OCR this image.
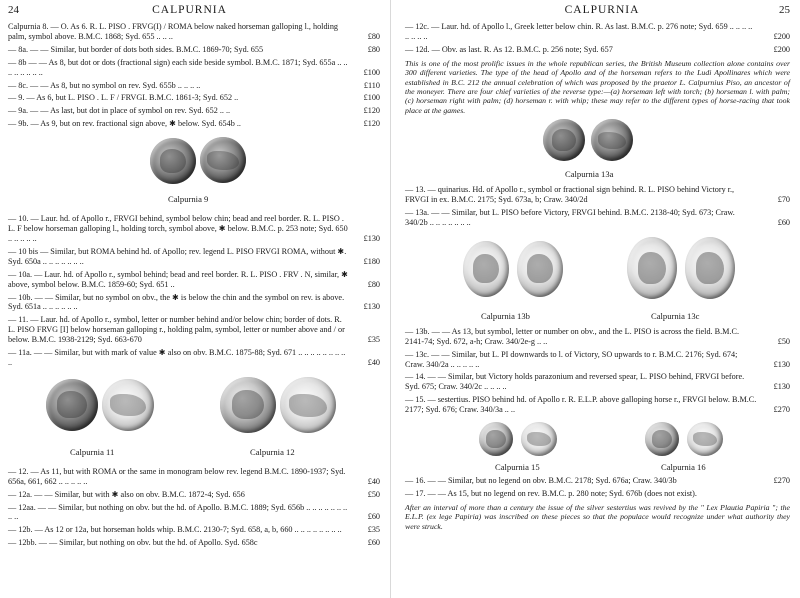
24	CALPURNIA

Calpurnia 8. — O. As 6. R. L. PISO . FRVG(I) / ROMA below naked horseman galloping l., holding palm, symbol above. B.M.C. 1868; Syd. 655 .. .. ..	£80

— 8a. — — Similar, but border of dots both sides. B.M.C. 1869-70; Syd. 655	£80

— 8b — — As 8, but dot or dots (fractional sign) each side beside symbol. B.M.C. 1871; Syd. 655a .. .. .. .. .. .. .. ..	£100

— 8c. — — As 8, but no symbol on rev. Syd. 655b .. .. .. ..	£110

— 9. — As 6, but L. PISO . L. F / FRVGI. B.M.C. 1861-3; Syd. 652 ..	£100

— 9a. — — As last, but dot in place of symbol on rev. Syd. 652 .. ..	£120

— 9b. — As 9, but on rev. fractional sign above, ✱ below. Syd. 654b ..	£120

Calpurnia 9

— 10. — Laur. hd. of Apollo r., FRVGI behind, symbol below chin; bead and reel border. R. L. PISO . L. F below horseman galloping l., holding torch, symbol above, ✱ below. B.M.C. p. 253 note; Syd. 650 .. .. .. .. ..	£130

— 10 bis — Similar, but ROMA behind hd. of Apollo; rev. legend L. PISO FRVGI ROMA, without ✱. Syd. 650a .. .. .. .. .. .. ..	£180

— 10a. — Laur. hd. of Apollo r., symbol behind; bead and reel border. R. L. PISO . FRV . N, similar, ✱ above, symbol below. B.M.C. 1859-60; Syd. 651 ..	£80

— 10b. — — Similar, but no symbol on obv., the ✱ is below the chin and the symbol on rev. is above. Syd. 651a .. .. .. .. .. ..	£130

— 11. — Laur. hd. of Apollo r., symbol, letter or number behind and/or below chin; border of dots. R. L. PISO FRVG [I] below horseman galloping r., holding palm, symbol, letter or number above and / or below. B.M.C. 1938-2129; Syd. 663-670	£35

— 11a. — — Similar, but with mark of value ✱ also on obv. B.M.C. 1875-88; Syd. 671 .. .. .. .. .. .. .. .. ..	£40

Calpurnia 11	Calpurnia 12

— 12. — As 11, but with ROMA or the same in monogram below rev. legend B.M.C. 1890-1937; Syd. 656a, 661, 662 .. .. .. .. ..	£40

— 12a. — — Similar, but with ✱ also on obv. B.M.C. 1872-4; Syd. 656	£50

— 12aa. — — Similar, but nothing on obv. but the hd. of Apollo. B.M.C. 1889; Syd. 656b .. .. .. .. .. .. .. .. ..	£60

— 12b. — As 12 or 12a, but horseman holds whip. B.M.C. 2130-7; Syd. 658, a, b, 660 .. .. .. .. .. .. .. ..	£35

— 12bb. — — Similar, but nothing on obv. but the hd. of Apollo. Syd. 658c	£60

CALPURNIA	25

— 12c. — Laur. hd. of Apollo l., Greek letter below chin. R. As last. B.M.C. p. 276 note; Syd. 659 .. .. .. .. .. .. .. ..	£200

— 12d. — Obv. as last. R. As 12. B.M.C. p. 256 note; Syd. 657	£200

This is one of the most prolific issues in the whole republican series, the British Museum collection alone contains over 300 different varieties. The type of the head of Apollo and of the horseman refers to the Ludi Apollinares which were established in B.C. 212 the annual celebration of which was proposed by the praetor L. Calpurnius Piso, an ancestor of the moneyer. There are four chief varieties of the reverse type:—(a) horseman left with torch; (b) horseman l. with palm; (c) horseman right with palm; (d) horseman r. with whip; these may refer to the different types of horse-racing that took place at the games.
Calpurnia 13a

— 13. — quinarius. Hd. of Apollo r., symbol or fractional sign behind. R. L. PISO behind Victory r., FRVGI in ex. B.M.C. 2175; Syd. 673a, b; Craw. 340/2d	£70

— 13a. — — Similar, but L. PISO before Victory, FRVGI behind. B.M.C. 2138-40; Syd. 673; Craw. 340/2b .. .. .. .. .. .. ..	£60

Calpurnia 13b	Calpurnia 13c

— 13b. — — As 13, but symbol, letter or number on obv., and the L. PISO is across the field. B.M.C. 2141-74; Syd. 672, a-h; Craw. 340/2e-g .. ..	£50

— 13c. — — Similar, but L. PI downwards to l. of Victory, SO upwards to r. B.M.C. 2176; Syd. 674; Craw. 340/2a .. .. .. .. ..	£130

— 14. — — Similar, but Victory holds parazonium and reversed spear, L. PISO behind, FRVGI before. Syd. 675; Craw. 340/2c .. .. .. ..	£130

— 15. — sestertius. PISO behind hd. of Apollo r. R. E.L.P. above galloping horse r., FRVGI below. B.M.C. 2177; Syd. 676; Craw. 340/3a .. ..	£270

Calpurnia 15	Calpurnia 16

— 16. — — Similar, but no legend on obv. B.M.C. 2178; Syd. 676a; Craw. 340/3b	£270

— 17. — — As 15, but no legend on rev. B.M.C. p. 280 note; Syd. 676b (does not exist).

After an interval of more than a century the issue of the silver sestertius was revived by the " Lex Plautia Papiria "; the E.L.P. (ex lege Papiria) was inscribed on these pieces so that the populace would recognize under what authority they were struck.
